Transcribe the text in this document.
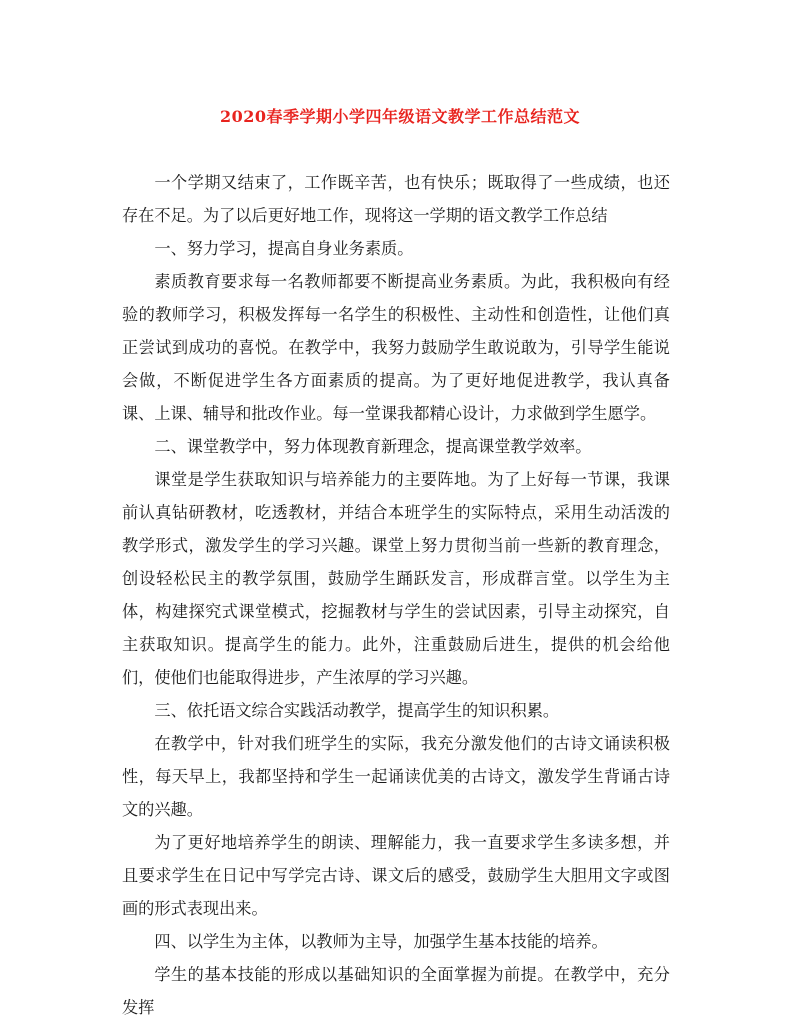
2020春季学期小学四年级语文教学工作总结范文

一个学期又结束了，工作既辛苦，也有快乐；既取得了一些成绩，也还存在不足。为了以后更好地工作，现将这一学期的语文教学工作总结

一、努力学习，提高自身业务素质。

素质教育要求每一名教师都要不断提高业务素质。为此，我积极向有经验的教师学习，积极发挥每一名学生的积极性、主动性和创造性，让他们真正尝试到成功的喜悦。在教学中，我努力鼓励学生敢说敢为，引导学生能说会做，不断促进学生各方面素质的提高。为了更好地促进教学，我认真备课、上课、辅导和批改作业。每一堂课我都精心设计，力求做到学生愿学。

二、课堂教学中，努力体现教育新理念，提高课堂教学效率。

课堂是学生获取知识与培养能力的主要阵地。为了上好每一节课，我课前认真钻研教材，吃透教材，并结合本班学生的实际特点，采用生动活泼的教学形式，激发学生的学习兴趣。课堂上努力贯彻当前一些新的教育理念，创设轻松民主的教学氛围，鼓励学生踊跃发言，形成群言堂。以学生为主体，构建探究式课堂模式，挖掘教材与学生的尝试因素，引导主动探究，自主获取知识。提高学生的能力。此外，注重鼓励后进生，提供的机会给他们，使他们也能取得进步，产生浓厚的学习兴趣。

三、依托语文综合实践活动教学，提高学生的知识积累。

在教学中，针对我们班学生的实际，我充分激发他们的古诗文诵读积极性，每天早上，我都坚持和学生一起诵读优美的古诗文，激发学生背诵古诗文的兴趣。

为了更好地培养学生的朗读、理解能力，我一直要求学生多读多想，并且要求学生在日记中写学完古诗、课文后的感受，鼓励学生大胆用文字或图画的形式表现出来。

四、以学生为主体，以教师为主导，加强学生基本技能的培养。

学生的基本技能的形成以基础知识的全面掌握为前提。在教学中，充分发挥
